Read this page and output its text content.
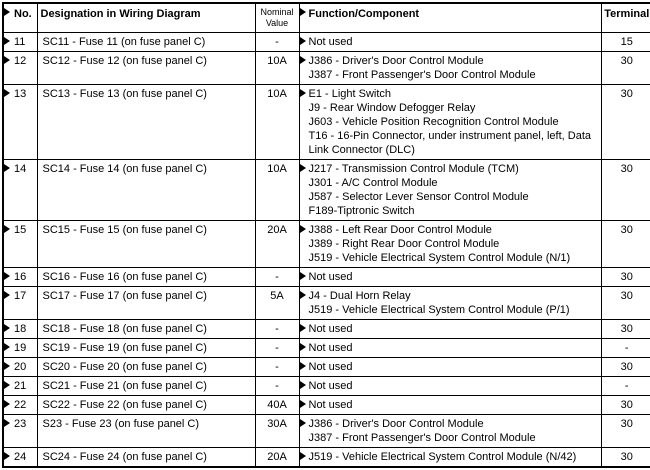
No.	Designation in Wiring Diagram	Nominal Value	Function/Component	Terminal

11	SC11 - Fuse 11 (on fuse panel C)	-	Not used	15

12	SC12 - Fuse 12 (on fuse panel C)	10A	J386 - Driver's Door Control Module
J387 - Front Passenger's Door Control Module	30

13	SC13 - Fuse 13 (on fuse panel C)	10A	E1 - Light Switch
J9 - Rear Window Defogger Relay
J603 - Vehicle Position Recognition Control Module
T16 - 16-Pin Connector, under instrument panel, left, Data Link Connector (DLC)	30

14	SC14 - Fuse 14 (on fuse panel C)	10A	J217 - Transmission Control Module (TCM)
J301 - A/C Control Module
J587 - Selector Lever Sensor Control Module
F189-Tiptronic Switch	30

15	SC15 - Fuse 15 (on fuse panel C)	20A	J388 - Left Rear Door Control Module
J389 - Right Rear Door Control Module
J519 - Vehicle Electrical System Control Module (N/1)	30

16	SC16 - Fuse 16 (on fuse panel C)	-	Not used	30

17	SC17 - Fuse 17 (on fuse panel C)	5A	J4 - Dual Horn Relay
J519 - Vehicle Electrical System Control Module (P/1)	30

18	SC18 - Fuse 18 (on fuse panel C)	-	Not used	30

19	SC19 - Fuse 19 (on fuse panel C)	-	Not used	-

20	SC20 - Fuse 20 (on fuse panel C)	-	Not used	30

21	SC21 - Fuse 21 (on fuse panel C)	-	Not used	-

22	SC22 - Fuse 22 (on fuse panel C)	40A	Not used	30

23	S23 - Fuse 23 (on fuse panel C)	30A	J386 - Driver's Door Control Module
J387 - Front Passenger's Door Control Module	30

24	SC24 - Fuse 24 (on fuse panel C)	20A	J519 - Vehicle Electrical System Control Module (N/42)	30
